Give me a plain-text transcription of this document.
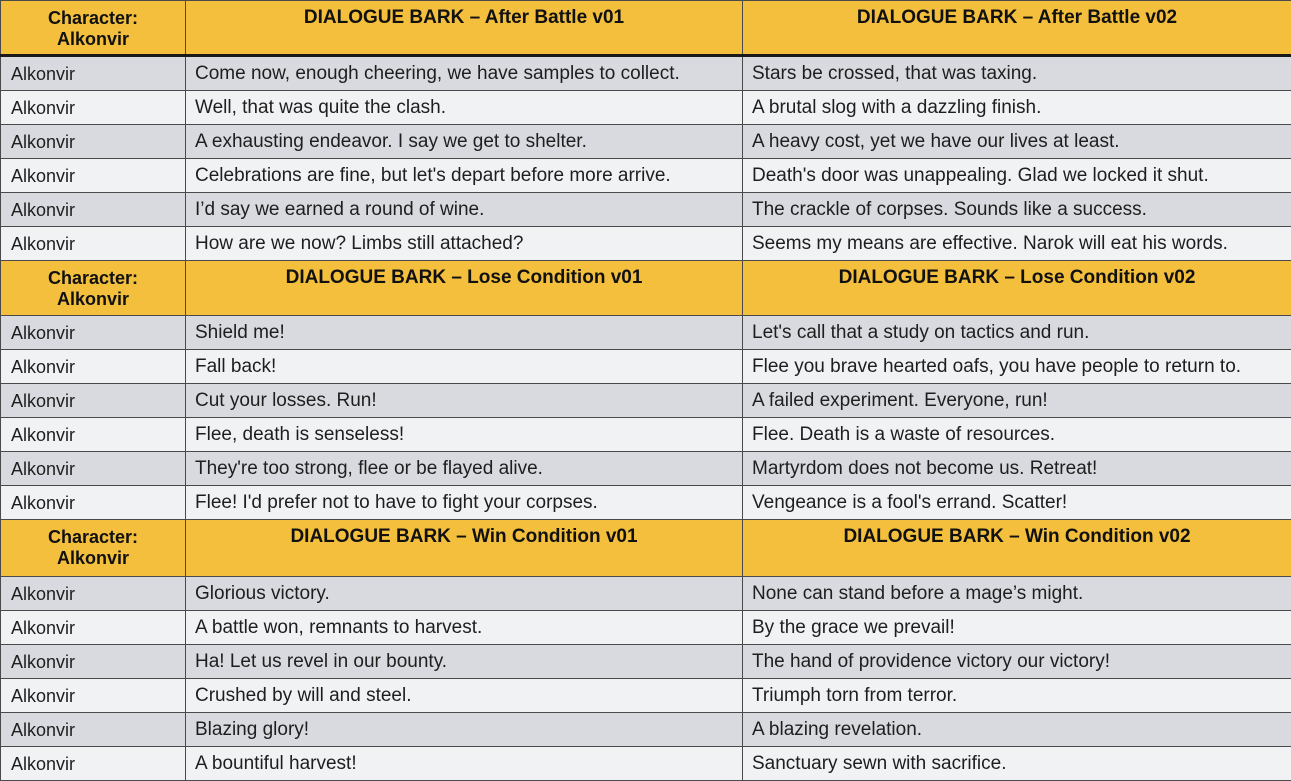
Character:
Alkonvir	DIALOGUE BARK – After Battle v01	DIALOGUE BARK – After Battle v02
Alkonvir	Come now, enough cheering, we have samples to collect.	Stars be crossed, that was taxing.
Alkonvir	Well, that was quite the clash.	A brutal slog with a dazzling finish.
Alkonvir	A exhausting endeavor. I say we get to shelter.	A heavy cost, yet we have our lives at least.
Alkonvir	Celebrations are fine, but let's depart before more arrive.	Death's door was unappealing. Glad we locked it shut.
Alkonvir	I’d say we earned a round of wine.	The crackle of corpses. Sounds like a success.
Alkonvir	How are we now? Limbs still attached?	Seems my means are effective. Narok will eat his words.
Character:
Alkonvir	DIALOGUE BARK – Lose Condition v01	DIALOGUE BARK – Lose Condition v02
Alkonvir	Shield me!	Let's call that a study on tactics and run.
Alkonvir	Fall back!	Flee you brave hearted oafs, you have people to return to.
Alkonvir	Cut your losses. Run!	A failed experiment. Everyone, run!
Alkonvir	Flee, death is senseless!	Flee. Death is a waste of resources.
Alkonvir	They're too strong, flee or be flayed alive.	Martyrdom does not become us. Retreat!
Alkonvir	Flee! I'd prefer not to have to fight your corpses.	Vengeance is a fool's errand. Scatter!
Character:
Alkonvir	DIALOGUE BARK – Win Condition v01	DIALOGUE BARK – Win Condition v02
Alkonvir	Glorious victory.	None can stand before a mage’s might.
Alkonvir	A battle won, remnants to harvest.	By the grace we prevail!
Alkonvir	Ha! Let us revel in our bounty.	The hand of providence victory our victory!
Alkonvir	Crushed by will and steel.	Triumph torn from terror.
Alkonvir	Blazing glory!	A blazing revelation.
Alkonvir	A bountiful harvest!	Sanctuary sewn with sacrifice.
